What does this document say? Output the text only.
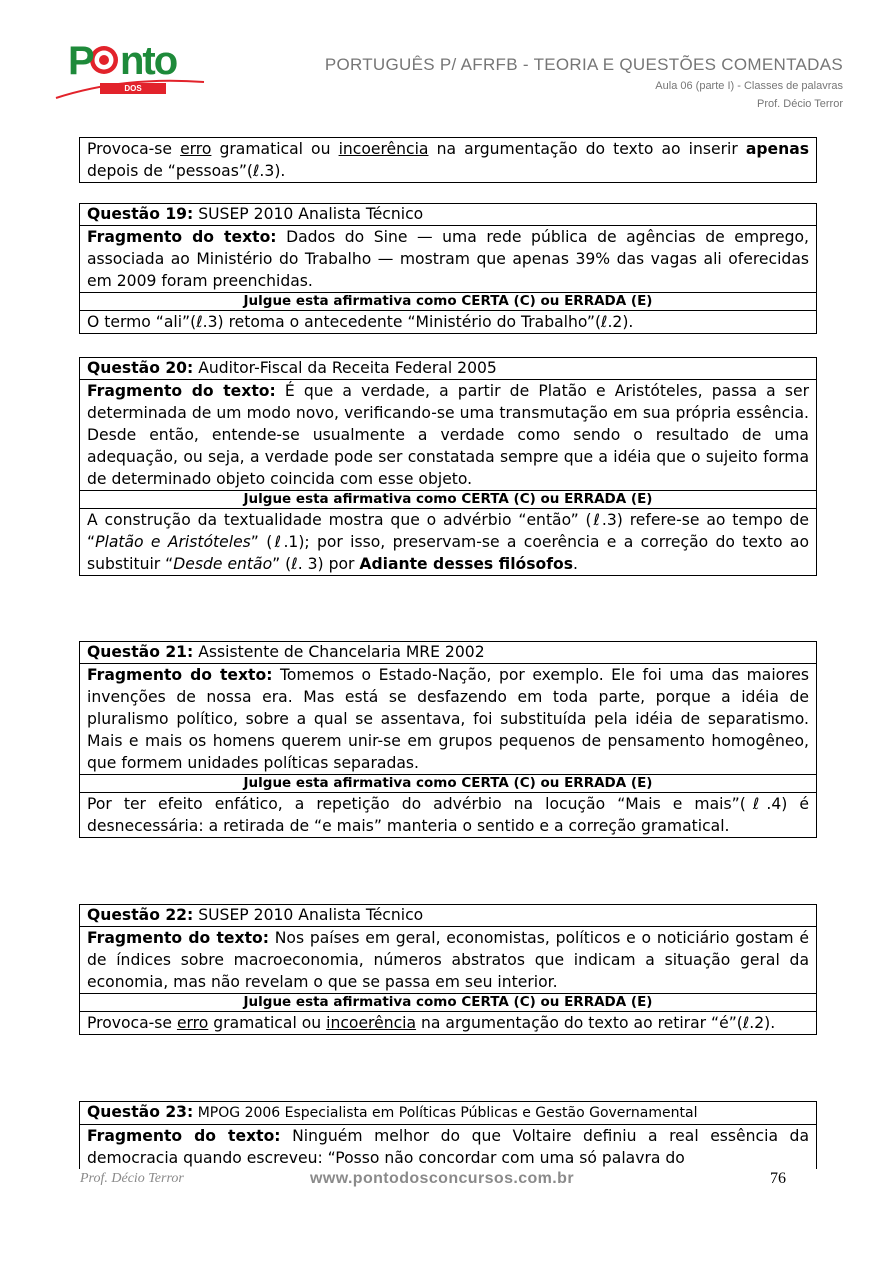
P nto
DOS CONCURSOS
PORTUGUÊS P/ AFRFB - TEORIA E QUESTÕES COMENTADAS
Aula 06 (parte I) - Classes de palavras
Prof. Décio Terror
Provoca-se erro gramatical ou incoerência na argumentação do texto ao inserir apenas depois de “pessoas”(ℓ.3).
Questão 19: SUSEP 2010 Analista Técnico
Fragmento do texto: Dados do Sine — uma rede pública de agências de emprego, associada ao Ministério do Trabalho — mostram que apenas 39% das vagas ali oferecidas em 2009 foram preenchidas.
Julgue esta afirmativa como CERTA (C) ou ERRADA (E)
O termo “ali”(ℓ.3) retoma o antecedente “Ministério do Trabalho”(ℓ.2).
Questão 20: Auditor-Fiscal da Receita Federal 2005
Fragmento do texto: É que a verdade, a partir de Platão e Aristóteles, passa a ser determinada de um modo novo, verificando-se uma transmutação em sua própria essência. Desde então, entende-se usualmente a verdade como sendo o resultado de uma adequação, ou seja, a verdade pode ser constatada sempre que a idéia que o sujeito forma de determinado objeto coincida com esse objeto.
Julgue esta afirmativa como CERTA (C) ou ERRADA (E)
A construção da textualidade mostra que o advérbio “então” (ℓ.3) refere-se ao tempo de “Platão e Aristóteles” (ℓ.1); por isso, preservam-se a coerência e a correção do texto ao substituir “Desde então” (ℓ. 3) por Adiante desses filósofos.
Questão 21: Assistente de Chancelaria MRE 2002
Fragmento do texto: Tomemos o Estado-Nação, por exemplo. Ele foi uma das maiores invenções de nossa era. Mas está se desfazendo em toda parte, porque a idéia de pluralismo político, sobre a qual se assentava, foi substituída pela idéia de separatismo. Mais e mais os homens querem unir-se em grupos pequenos de pensamento homogêneo, que formem unidades políticas separadas.
Julgue esta afirmativa como CERTA (C) ou ERRADA (E)
Por ter efeito enfático, a repetição do advérbio na locução “Mais e mais”(ℓ.4) é desnecessária: a retirada de “e mais” manteria o sentido e a correção gramatical.
Questão 22: SUSEP 2010 Analista Técnico
Fragmento do texto: Nos países em geral, economistas, políticos e o noticiário gostam é de índices sobre macroeconomia, números abstratos que indicam a situação geral da economia, mas não revelam o que se passa em seu interior.
Julgue esta afirmativa como CERTA (C) ou ERRADA (E)
Provoca-se erro gramatical ou incoerência na argumentação do texto ao retirar “é”(ℓ.2).
Questão 23: MPOG 2006 Especialista em Políticas Públicas e Gestão Governamental
Fragmento do texto: Ninguém melhor do que Voltaire definiu a real essência da democracia quando escreveu: “Posso não concordar com uma só palavra do
Prof. Décio Terror	www.pontodosconcursos.com.br	76
